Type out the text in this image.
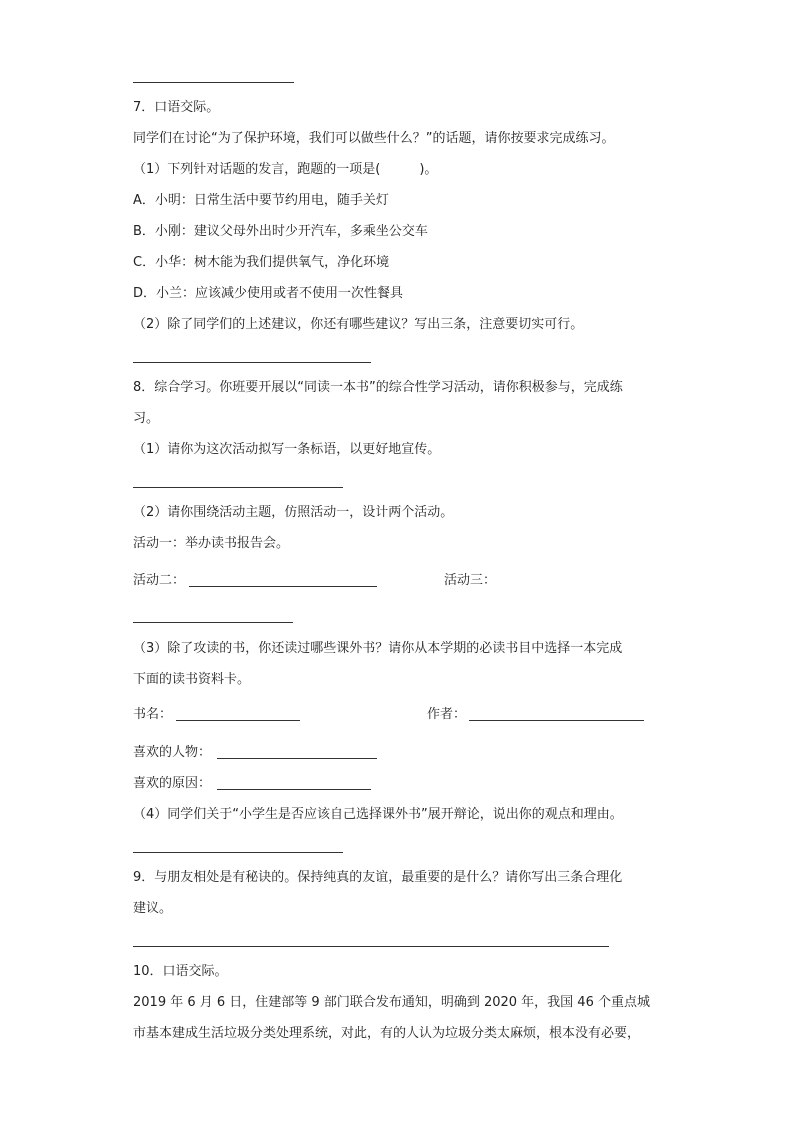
7．口语交际。
同学们在讨论“为了保护环境，我们可以做些什么？”的话题，请你按要求完成练习。
（1）下列针对话题的发言，跑题的一项是(　　　)。
A．小明：日常生活中要节约用电，随手关灯
B．小刚：建议父母外出时少开汽车，多乘坐公交车
C．小华：树木能为我们提供氧气，净化环境
D．小兰：应该减少使用或者不使用一次性餐具
（2）除了同学们的上述建议，你还有哪些建议？写出三条，注意要切实可行。
8．综合学习。你班要开展以“同读一本书”的综合性学习活动，请你积极参与，完成练
习。
（1）请你为这次活动拟写一条标语，以更好地宣传。
（2）请你围绕活动主题，仿照活动一，设计两个活动。
活动一：举办读书报告会。
活动二：	活动三：
（3）除了攻读的书，你还读过哪些课外书？请你从本学期的必读书目中选择一本完成
下面的读书资料卡。
书名：	作者：
喜欢的人物：
喜欢的原因：
（4）同学们关于“小学生是否应该自己选择课外书”展开辩论，说出你的观点和理由。
9．与朋友相处是有秘诀的。保持纯真的友谊，最重要的是什么？请你写出三条合理化
建议。
10．口语交际。
2019 年 6 月 6 日，住建部等 9 部门联合发布通知，明确到 2020 年，我国 46 个重点城
市基本建成生活垃圾分类处理系统，对此，有的人认为垃圾分类太麻烦，根本没有必要，
